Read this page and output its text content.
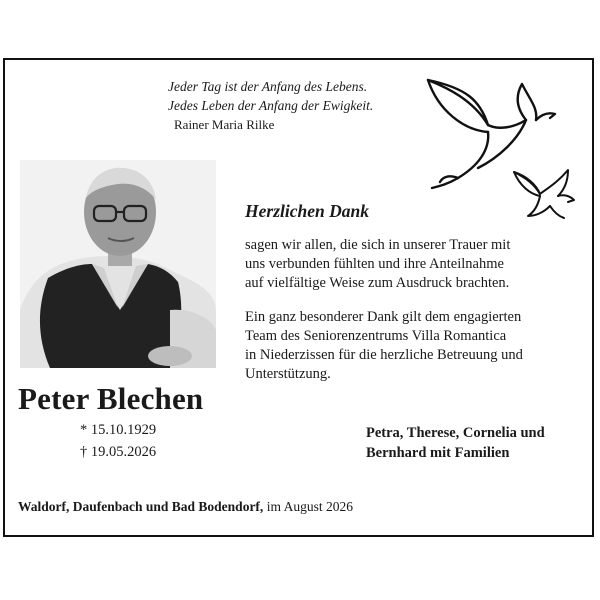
Jeder Tag ist der Anfang des Lebens.
Jedes Leben der Anfang der Ewigkeit.
Rainer Maria Rilke
Peter Blechen
* 15.10.1929
† 19.05.2026
Herzlichen Dank
sagen wir allen, die sich in unserer Trauer mit
uns verbunden fühlten und ihre Anteilnahme
auf vielfältige Weise zum Ausdruck brachten.
Ein ganz besonderer Dank gilt dem engagierten
Team des Seniorenzentrums Villa Romantica
in Niederzissen für die herzliche Betreuung und
Unterstützung.
Petra, Therese, Cornelia und
Bernhard mit Familien
Waldorf, Daufenbach und Bad Bodendorf, im August 2026
